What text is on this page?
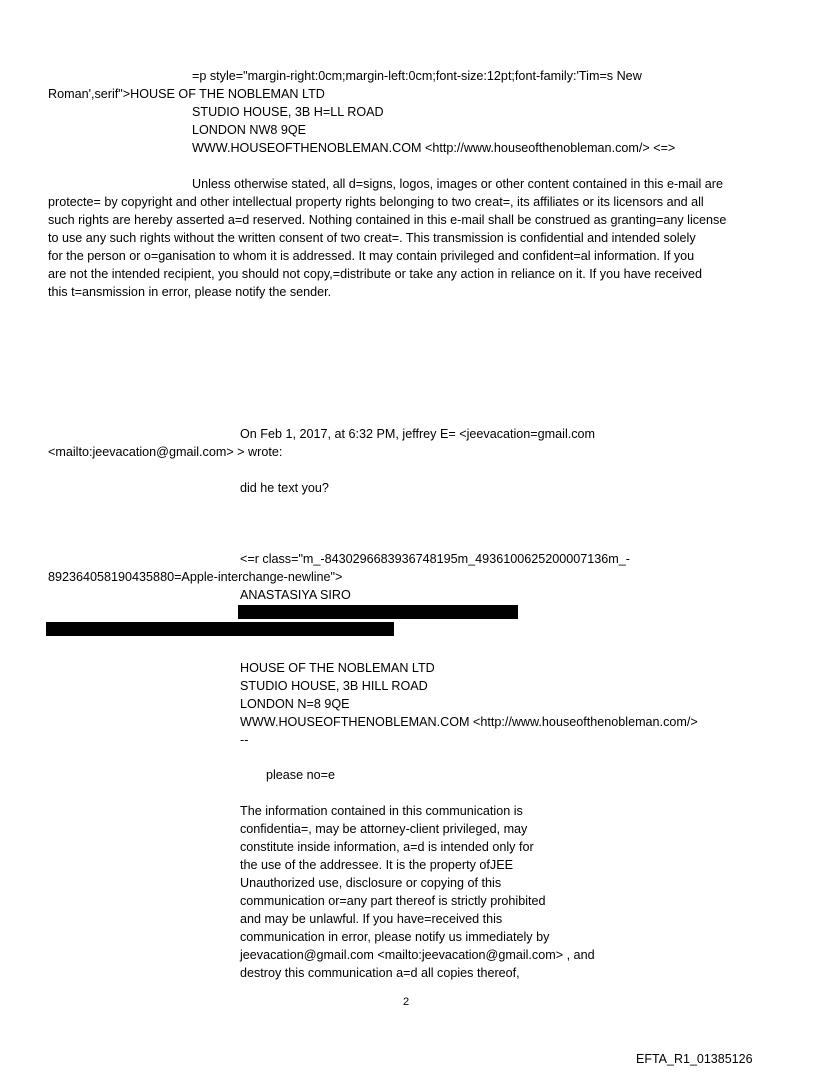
=p style="margin-right:0cm;margin-left:0cm;font-size:12pt;font-family:'Tim=s New
Roman',serif">HOUSE OF THE NOBLEMAN LTD
STUDIO HOUSE, 3B H=LL ROAD
LONDON NW8 9QE
WWW.HOUSEOFTHENOBLEMAN.COM <http://www.houseofthenobleman.com/> <=>
Unless otherwise stated, all d=signs, logos, images or other content contained in this e-mail are
protecte= by copyright and other intellectual property rights belonging to two creat=, its affiliates or its licensors and all
such rights are hereby asserted a=d reserved. Nothing contained in this e-mail shall be construed as granting=any license
to use any such rights without the written consent of two creat=. This transmission is confidential and intended solely
for the person or o=ganisation to whom it is addressed. It may contain privileged and confident=al information. If you
are not the intended recipient, you should not copy,=distribute or take any action in reliance on it. If you have received
this t=ansmission in error, please notify the sender.
On Feb 1, 2017, at 6:32 PM, jeffrey E= <jeevacation=gmail.com
<mailto:jeevacation@gmail.com> > wrote:
did he text you?
<=r class="m_-8430296683936748195m_4936100625200007136m_-
892364058190435880=Apple-interchange-newline">
ANASTASIYA SIRO
HOUSE OF THE NOBLEMAN LTD
STUDIO HOUSE, 3B HILL ROAD
LONDON N=8 9QE
WWW.HOUSEOFTHENOBLEMAN.COM <http://www.houseofthenobleman.com/>
--
please no=e
The information contained in this communication is
confidentia=, may be attorney-client privileged, may
constitute inside information, a=d is intended only for
the use of the addressee. It is the property ofJEE
Unauthorized use, disclosure or copying of this
communication or=any part thereof is strictly prohibited
and may be unlawful. If you have=received this
communication in error, please notify us immediately by
jeevacation@gmail.com <mailto:jeevacation@gmail.com> , and
destroy this communication a=d all copies thereof,
2
EFTA_R1_01385126
